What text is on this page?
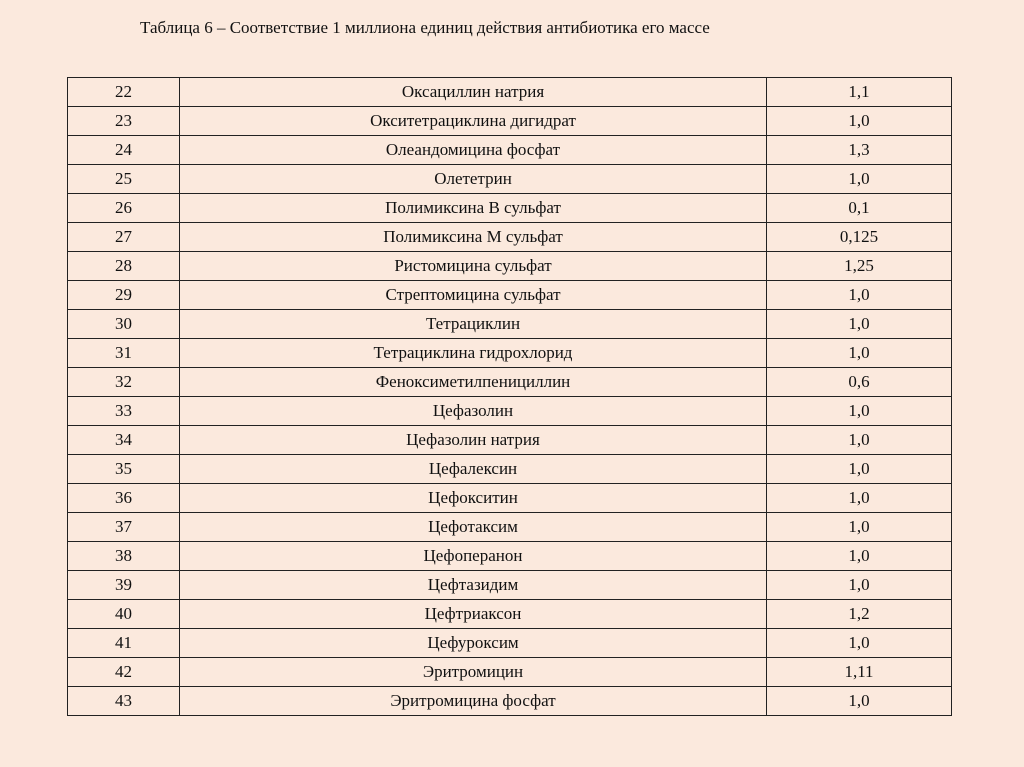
Таблица 6 – Соответствие 1 миллиона единиц действия антибиотика его массе
22	Оксациллин натрия	1,1
23	Окситетрациклина дигидрат	1,0
24	Олеандомицина фосфат	1,3
25	Олететрин	1,0
26	Полимиксина В сульфат	0,1
27	Полимиксина М сульфат	0,125
28	Ристомицина сульфат	1,25
29	Стрептомицина сульфат	1,0
30	Тетрациклин	1,0
31	Тетрациклина гидрохлорид	1,0
32	Феноксиметилпенициллин	0,6
33	Цефазолин	1,0
34	Цефазолин натрия	1,0
35	Цефалексин	1,0
36	Цефокситин	1,0
37	Цефотаксим	1,0
38	Цефоперанон	1,0
39	Цефтазидим	1,0
40	Цефтриаксон	1,2
41	Цефуроксим	1,0
42	Эритромицин	1,11
43	Эритромицина фосфат	1,0
